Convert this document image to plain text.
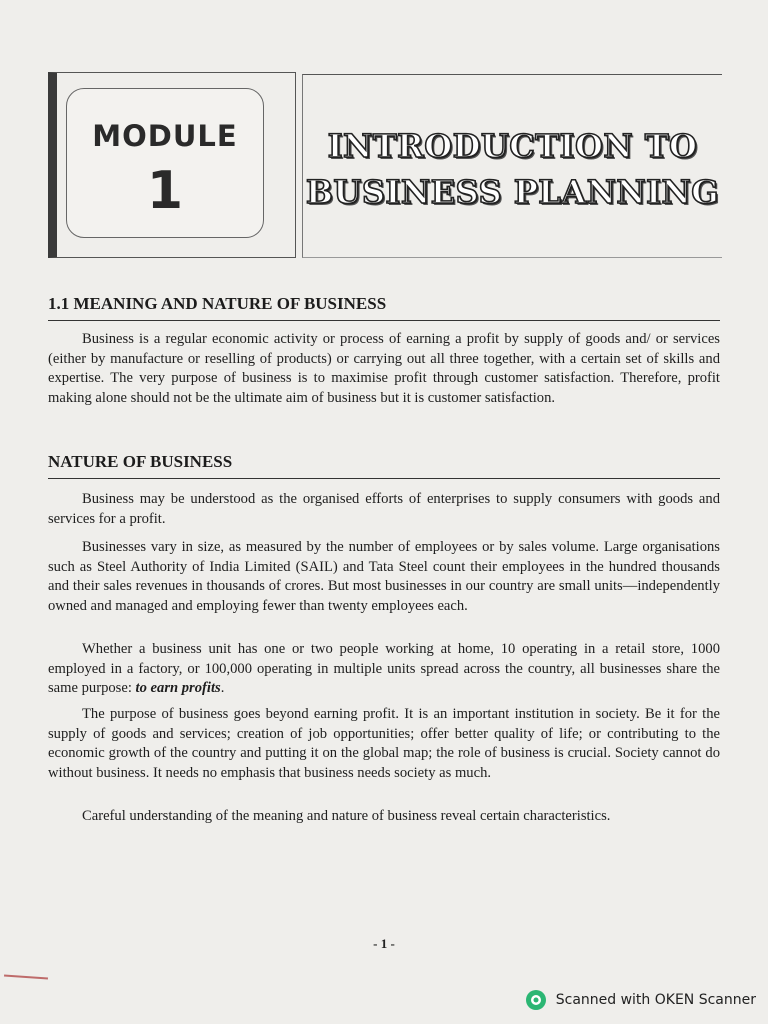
MODULE
1
INTRODUCTION TO
BUSINESS PLANNING
1.1 MEANING AND NATURE OF BUSINESS

Business is a regular economic activity or process of earning a profit by supply of goods and/ or services (either by manufacture or reselling of products) or carrying out all three together, with a certain set of skills and expertise. The very purpose of business is to maximise profit through customer satisfaction. Therefore, profit making alone should not be the ultimate aim of business but it is customer satisfaction.

NATURE OF BUSINESS

Business may be understood as the organised efforts of enterprises to supply consumers with goods and services for a profit.

Businesses vary in size, as measured by the number of employees or by sales volume. Large organisations such as Steel Authority of India Limited (SAIL) and Tata Steel count their employees in the hundred thousands and their sales revenues in thousands of crores. But most businesses in our country are small units—independently owned and managed and employing fewer than twenty employees each.

Whether a business unit has one or two people working at home, 10 operating in a retail store, 1000 employed in a factory, or 100,000 operating in multiple units spread across the country, all businesses share the same purpose: to earn profits.

The purpose of business goes beyond earning profit. It is an important institution in society. Be it for the supply of goods and services; creation of job opportunities; offer better quality of life; or contributing to the economic growth of the country and putting it on the global map; the role of business is crucial. Society cannot do without business. It needs no emphasis that business needs society as much.

Careful understanding of the meaning and nature of business reveal certain characteristics.

- 1 -
Scanned with OKEN Scanner
